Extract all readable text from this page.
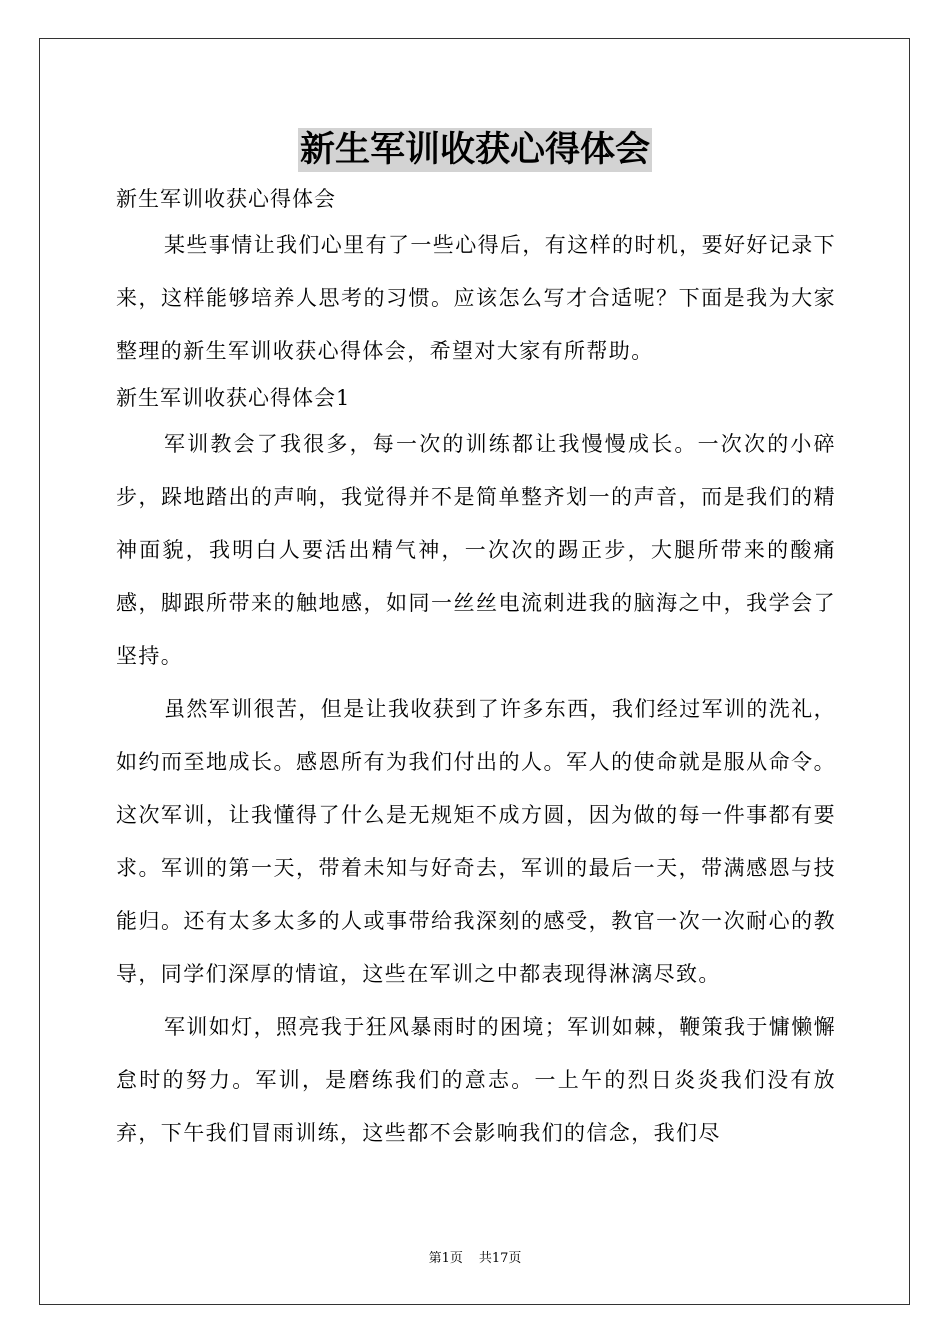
新生军训收获心得体会

新生军训收获心得体会

某些事情让我们心里有了一些心得后，有这样的时机，要好好记录下来，这样能够培养人思考的习惯。应该怎么写才合适呢？下面是我为大家整理的新生军训收获心得体会，希望对大家有所帮助。

新生军训收获心得体会1

军训教会了我很多，每一次的训练都让我慢慢成长。一次次的小碎步，跺地踏出的声响，我觉得并不是简单整齐划一的声音，而是我们的精神面貌，我明白人要活出精气神，一次次的踢正步，大腿所带来的酸痛感，脚跟所带来的触地感，如同一丝丝电流刺进我的脑海之中，我学会了坚持。

虽然军训很苦，但是让我收获到了许多东西，我们经过军训的洗礼，如约而至地成长。感恩所有为我们付出的人。军人的使命就是服从命令。这次军训，让我懂得了什么是无规矩不成方圆，因为做的每一件事都有要求。军训的第一天，带着未知与好奇去，军训的最后一天，带满感恩与技能归。还有太多太多的人或事带给我深刻的感受，教官一次一次耐心的教导，同学们深厚的情谊，这些在军训之中都表现得淋漓尽致。

军训如灯，照亮我于狂风暴雨时的困境；军训如棘，鞭策我于慵懒懈怠时的努力。军训，是磨练我们的意志。一上午的烈日炎炎我们没有放弃，下午我们冒雨训练，这些都不会影响我们的信念，我们尽

第1页 共17页
